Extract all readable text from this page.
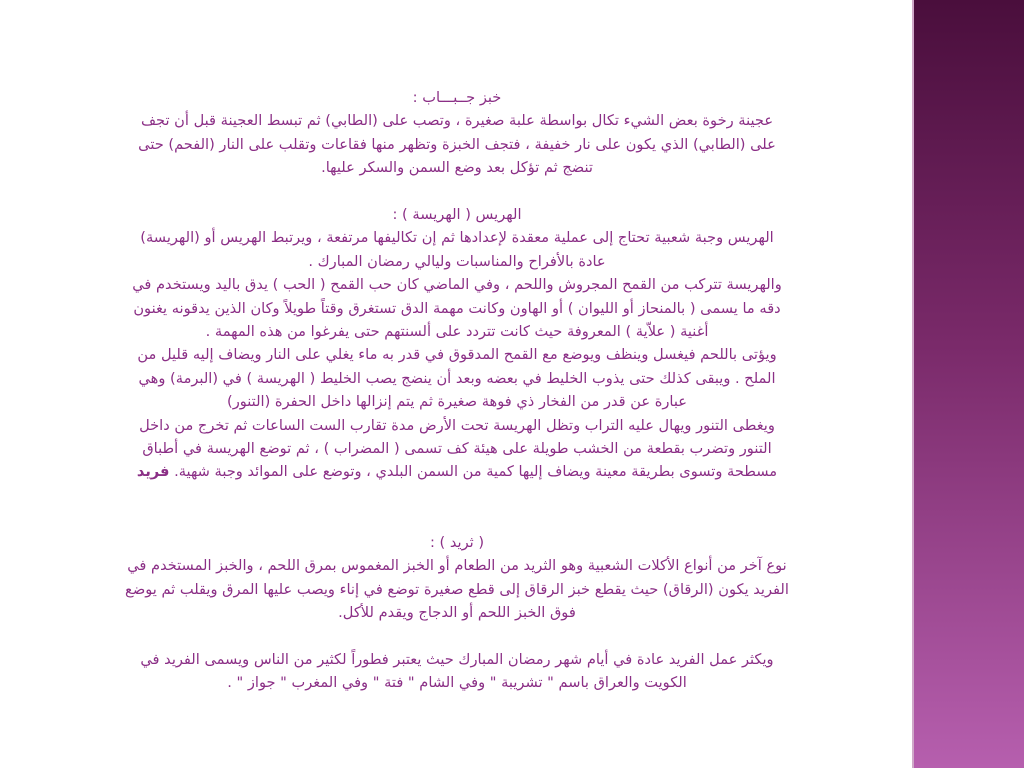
خبز جــبـــاب :

عجينة رخوة بعض الشيء تكال بواسطة علبة صغيرة ، وتصب على (الطابي) ثم تبسط العجينة قبل أن تجف

على (الطابي) الذي يكون على نار خفيفة ، فتجف الخبزة وتظهر منها فقاعات وتقلب على النار (الفحم) حتى

تنضج ثم تؤكل بعد وضع السمن والسكر عليها.

الهريس ( الهريسة ) :

الهريس وجبة شعبية تحتاج إلى عملية معقدة لإعدادها ثم إن تكاليفها مرتفعة ، ويرتبط الهريس أو (الهريسة)

عادة بالأفراح والمناسبات وليالي رمضان المبارك .

والهريسة تتركب من القمح المجروش واللحم ، وفي الماضي كان حب القمح ( الحب ) يدق باليد ويستخدم في

دقه ما يسمى ( بالمنحاز أو الليوان ) أو الهاون وكانت مهمة الدق تستغرق وقتاً طويلاً وكان الذين يدقونه يغنون

أغنية ( علاّية ) المعروفة حيث كانت تتردد على ألسنتهم حتى يفرغوا من هذه المهمة .

ويؤتى باللحم فيغسل وينظف ويوضع مع القمح المدقوق في قدر به ماء يغلي على النار ويضاف إليه قليل من

الملح . ويبقى كذلك حتى يذوب الخليط في بعضه وبعد أن ينضج يصب الخليط ( الهريسة ) في (البرمة) وهي

عبارة عن قدر من الفخار ذي فوهة صغيرة ثم يتم إنزالها داخل الحفرة (التنور)

ويغطى التنور ويهال عليه التراب وتظل الهريسة تحت الأرض مدة تقارب الست الساعات ثم تخرج من داخل

التنور وتضرب بقطعة من الخشب طويلة على هيئة كف تسمى ( المضراب ) ، ثم توضع الهريسة في أطباق

مسطحة وتسوى بطريقة معينة ويضاف إليها كمية من السمن البلدي ، وتوضع على الموائد وجبة شهية. فريد

( ثريد ) :

نوع آخر من أنواع الأكلات الشعبية وهو الثريد من الطعام أو الخبز المغموس بمرق اللحم ، والخبز المستخدم في

الفريد يكون (الرقاق) حيث يقطع خبز الرقاق إلى قطع صغيرة توضع في إناء ويصب عليها المرق ويقلب ثم يوضع

فوق الخبز اللحم أو الدجاج ويقدم للأكل.

ويكثر عمل الفريد عادة في أيام شهر رمضان المبارك حيث يعتبر فطوراً لكثير من الناس ويسمى الفريد في

الكويت والعراق باسم " تشريبة " وفي الشام " فتة " وفي المغرب " جواز " .
